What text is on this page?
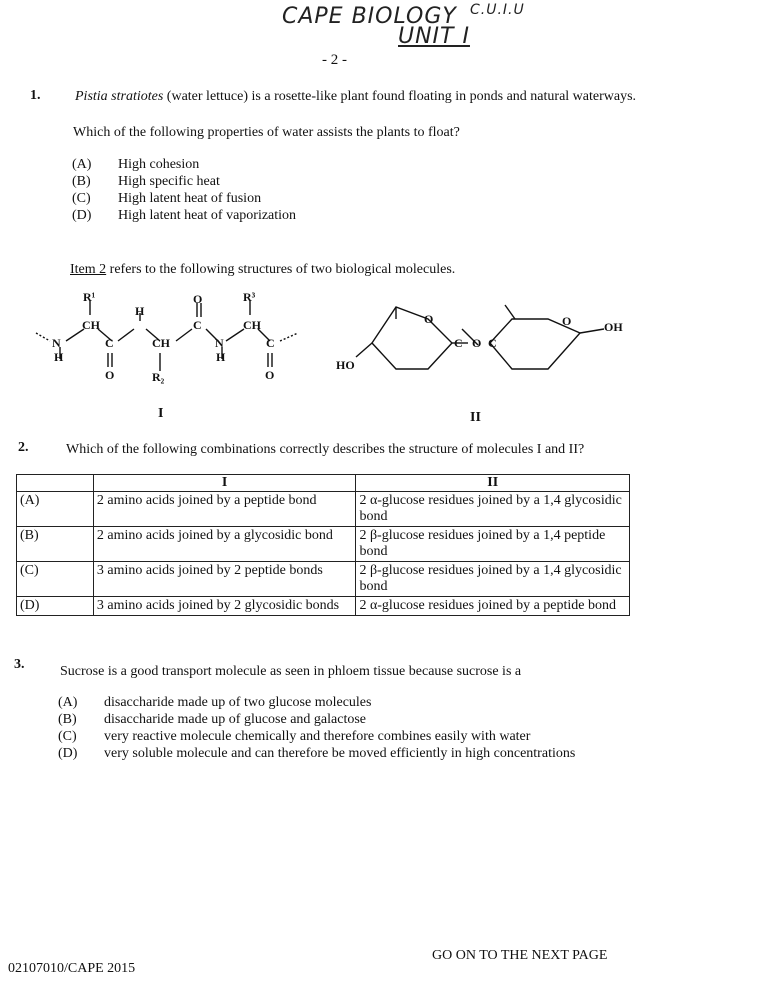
CAPE BIOLOGY C.U.I.U
UNIT I
- 2 -
1. Pistia stratiotes (water lettuce) is a rosette-like plant found floating in ponds and natural waterways.
Which of the following properties of water assists the plants to float?
(A)	High cohesion
(B)	High specific heat
(C)	High latent heat of fusion
(D)	High latent heat of vaporization
Item 2 refers to the following structures of two biological molecules.
R¹
CH
N
H
C
O
H
CH
R₂
O
C
N
H
R³
CH
C
O
O
C O C
O	OH
HO
I	II
2.	Which of the following combinations correctly describes the structure of molecules I and II?
	I	II
(A)	2 amino acids joined by a peptide bond	2 α-glucose residues joined by a 1,4 glycosidic bond
(B)	2 amino acids joined by a glycosidic bond	2 β-glucose residues joined by a 1,4 peptide bond
(C)	3 amino acids joined by 2 peptide bonds	2 β-glucose residues joined by a 1,4 glycosidic bond
(D)	3 amino acids joined by 2 glycosidic bonds	2 α-glucose residues joined by a peptide bond
3.	Sucrose is a good transport molecule as seen in phloem tissue because sucrose is a
(A)	disaccharide made up of two glucose molecules
(B)	disaccharide made up of glucose and galactose
(C)	very reactive molecule chemically and therefore combines easily with water
(D)	very soluble molecule and can therefore be moved efficiently in high concentrations
02107010/CAPE 2015
GO ON TO THE NEXT PAGE
